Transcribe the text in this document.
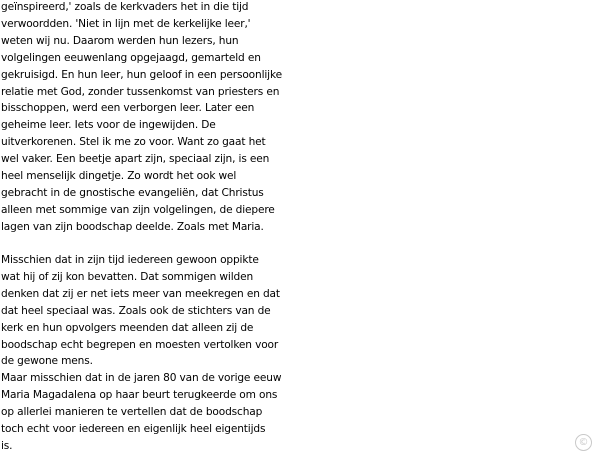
geïnspireerd,' zoals de kerkvaders het in die tijd
verwoordden. 'Niet in lijn met de kerkelijke leer,'
weten wij nu. Daarom werden hun lezers, hun
volgelingen eeuwenlang opgejaagd, gemarteld en
gekruisigd. En hun leer, hun geloof in een persoonlijke
relatie met God, zonder tussenkomst van priesters en
bisschoppen, werd een verborgen leer. Later een
geheime leer. Iets voor de ingewijden. De
uitverkorenen. Stel ik me zo voor. Want zo gaat het
wel vaker. Een beetje apart zijn, speciaal zijn, is een
heel menselijk dingetje. Zo wordt het ook wel
gebracht in de gnostische evangeliën, dat Christus
alleen met sommige van zijn volgelingen, de diepere
lagen van zijn boodschap deelde. Zoals met Maria.
Misschien dat in zijn tijd iedereen gewoon oppikte
wat hij of zij kon bevatten. Dat sommigen wilden
denken dat zij er net iets meer van meekregen en dat
dat heel speciaal was. Zoals ook de stichters van de
kerk en hun opvolgers meenden dat alleen zij de
boodschap echt begrepen en moesten vertolken voor
de gewone mens.
Maar misschien dat in de jaren 80 van de vorige eeuw
Maria Magadalena op haar beurt terugkeerde om ons
op allerlei manieren te vertellen dat de boodschap
toch echt voor iedereen en eigenlijk heel eigentijds
is.	©
